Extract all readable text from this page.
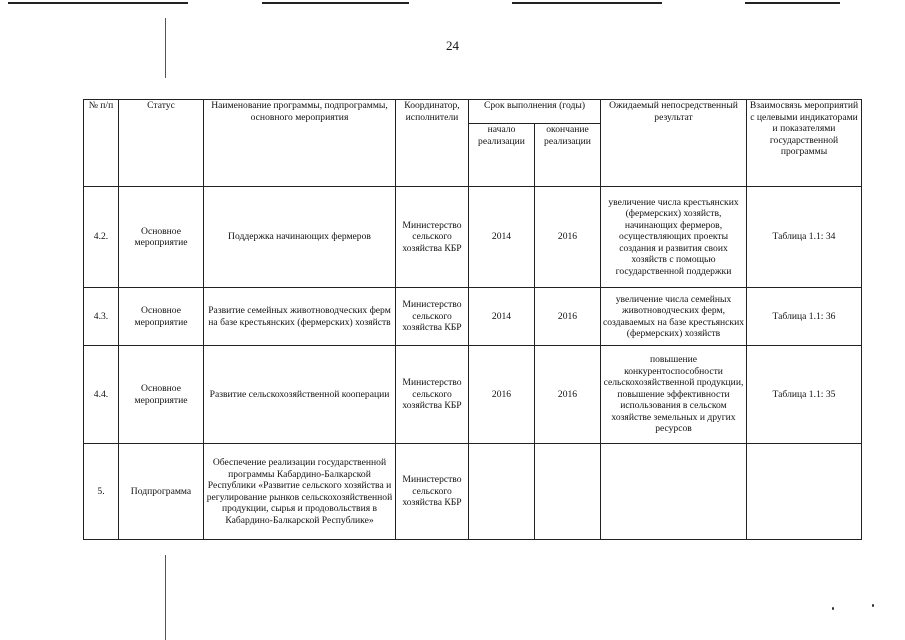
24
№ п/п	Статус	Наименование программы, подпрограммы, основного мероприятия	Координатор, исполнители	Срок выполнения (годы)		Ожидаемый непосредственный результат	Взаимосвязь мероприятий с целевыми индикаторами и показателями государственной программы
				начало реализации	окончание реализации		
4.2.	Основное мероприятие	Поддержка начинающих фермеров	Министерство сельского хозяйства КБР	2014	2016	увеличение числа крестьянских (фермерских) хозяйств, начинающих фермеров, осуществляющих проекты создания и развития своих хозяйств с помощью государственной поддержки	Таблица 1.1: 34
4.3.	Основное мероприятие	Развитие семейных животноводческих ферм на базе крестьянских (фермерских) хозяйств	Министерство сельского хозяйства КБР	2014	2016	увеличение числа семейных животноводческих ферм, создаваемых на базе крестьянских (фермерских) хозяйств	Таблица 1.1: 36
4.4.	Основное мероприятие	Развитие сельскохозяйственной кооперации	Министерство сельского хозяйства КБР	2016	2016	повышение конкурентоспособности сельскохозяйственной продукции, повышение эффективности использования в сельском хозяйстве земельных и других ресурсов	Таблица 1.1: 35
5.	Подпрограмма	Обеспечение реализации государственной программы Кабардино-Балкарской Республики «Развитие сельского хозяйства и регулирование рынков сельскохозяйственной продукции, сырья и продовольствия в Кабардино-Балкарской Республике»	Министерство сельского хозяйства КБР				
